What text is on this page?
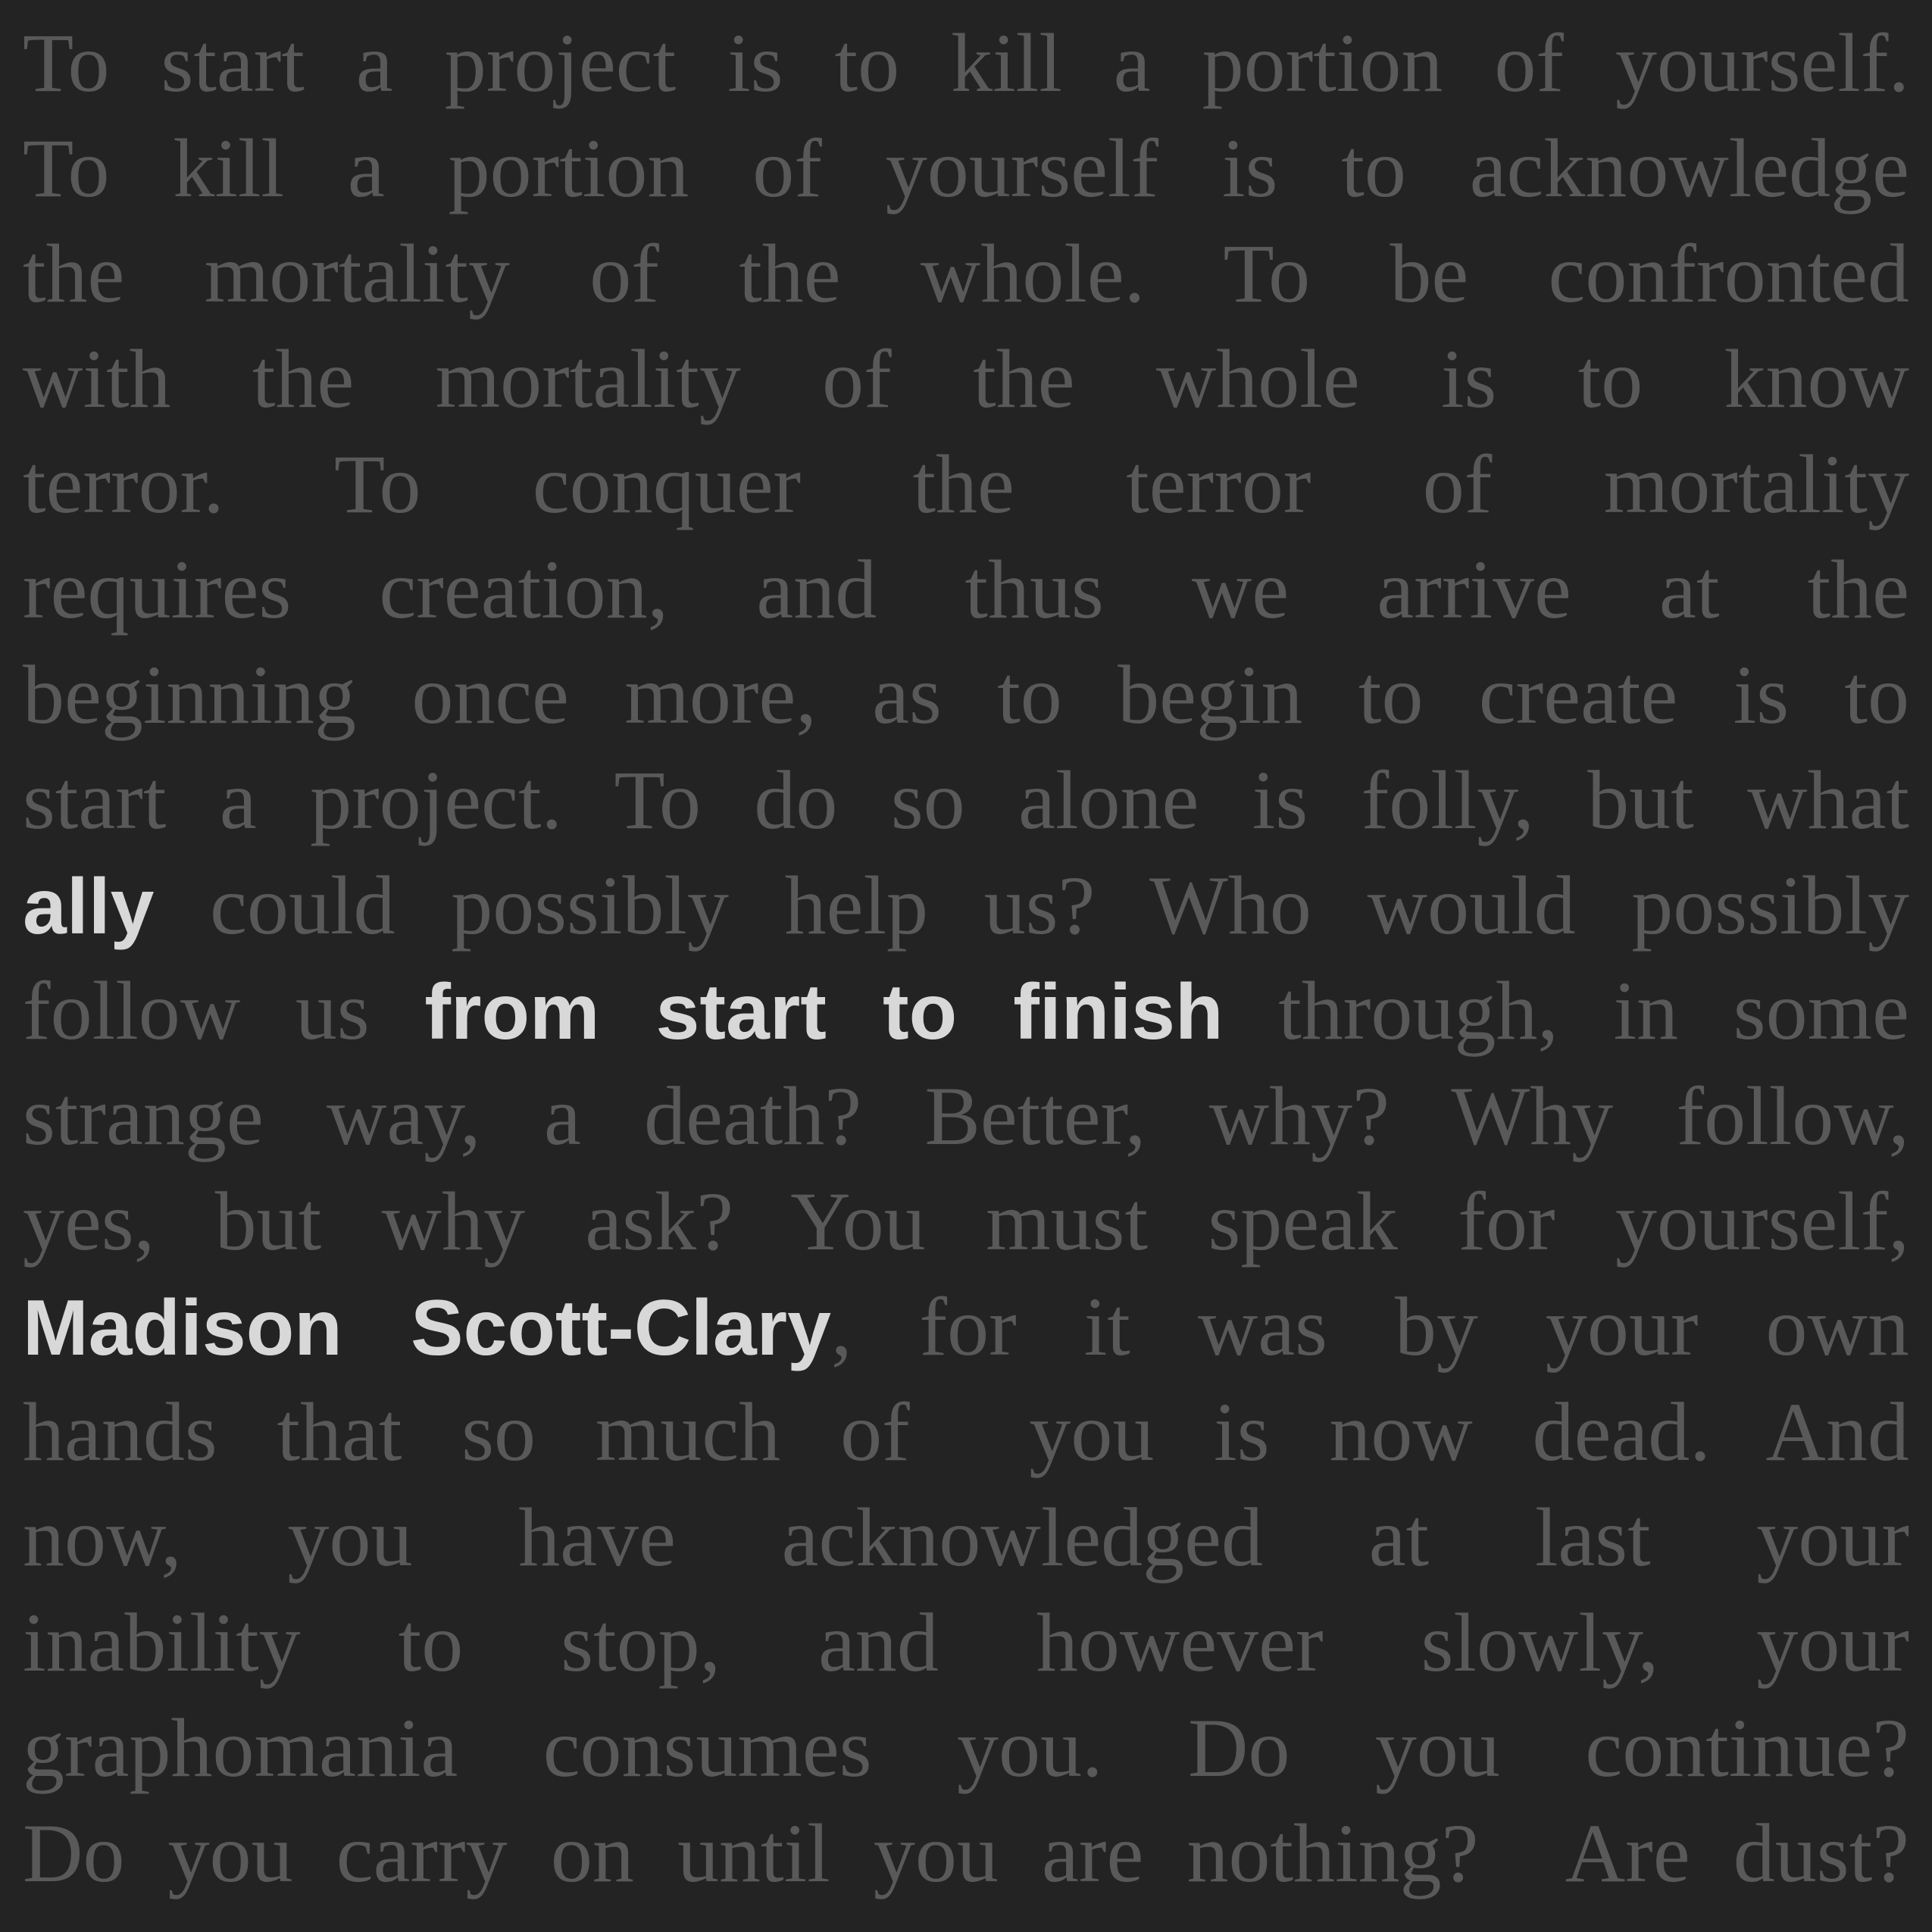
To start a project is to kill a portion of yourself.
To kill a portion of yourself is to acknowledge
the mortality of the whole. To be confronted
with the mortality of the whole is to know
terror. To conquer the terror of mortality
requires creation, and thus we arrive at the
beginning once more, as to begin to create is to
start a project. To do so alone is folly, but what
ally could possibly help us? Who would possibly
follow us from start to finish through, in some
strange way, a death? Better, why? Why follow,
yes, but why ask? You must speak for yourself,
Madison Scott-Clary, for it was by your own
hands that so much of  you is now dead. And
now, you have acknowledged at last your
inability to stop, and however slowly, your
graphomania consumes you. Do you continue?
Do you carry on until you are nothing?  Are dust?
